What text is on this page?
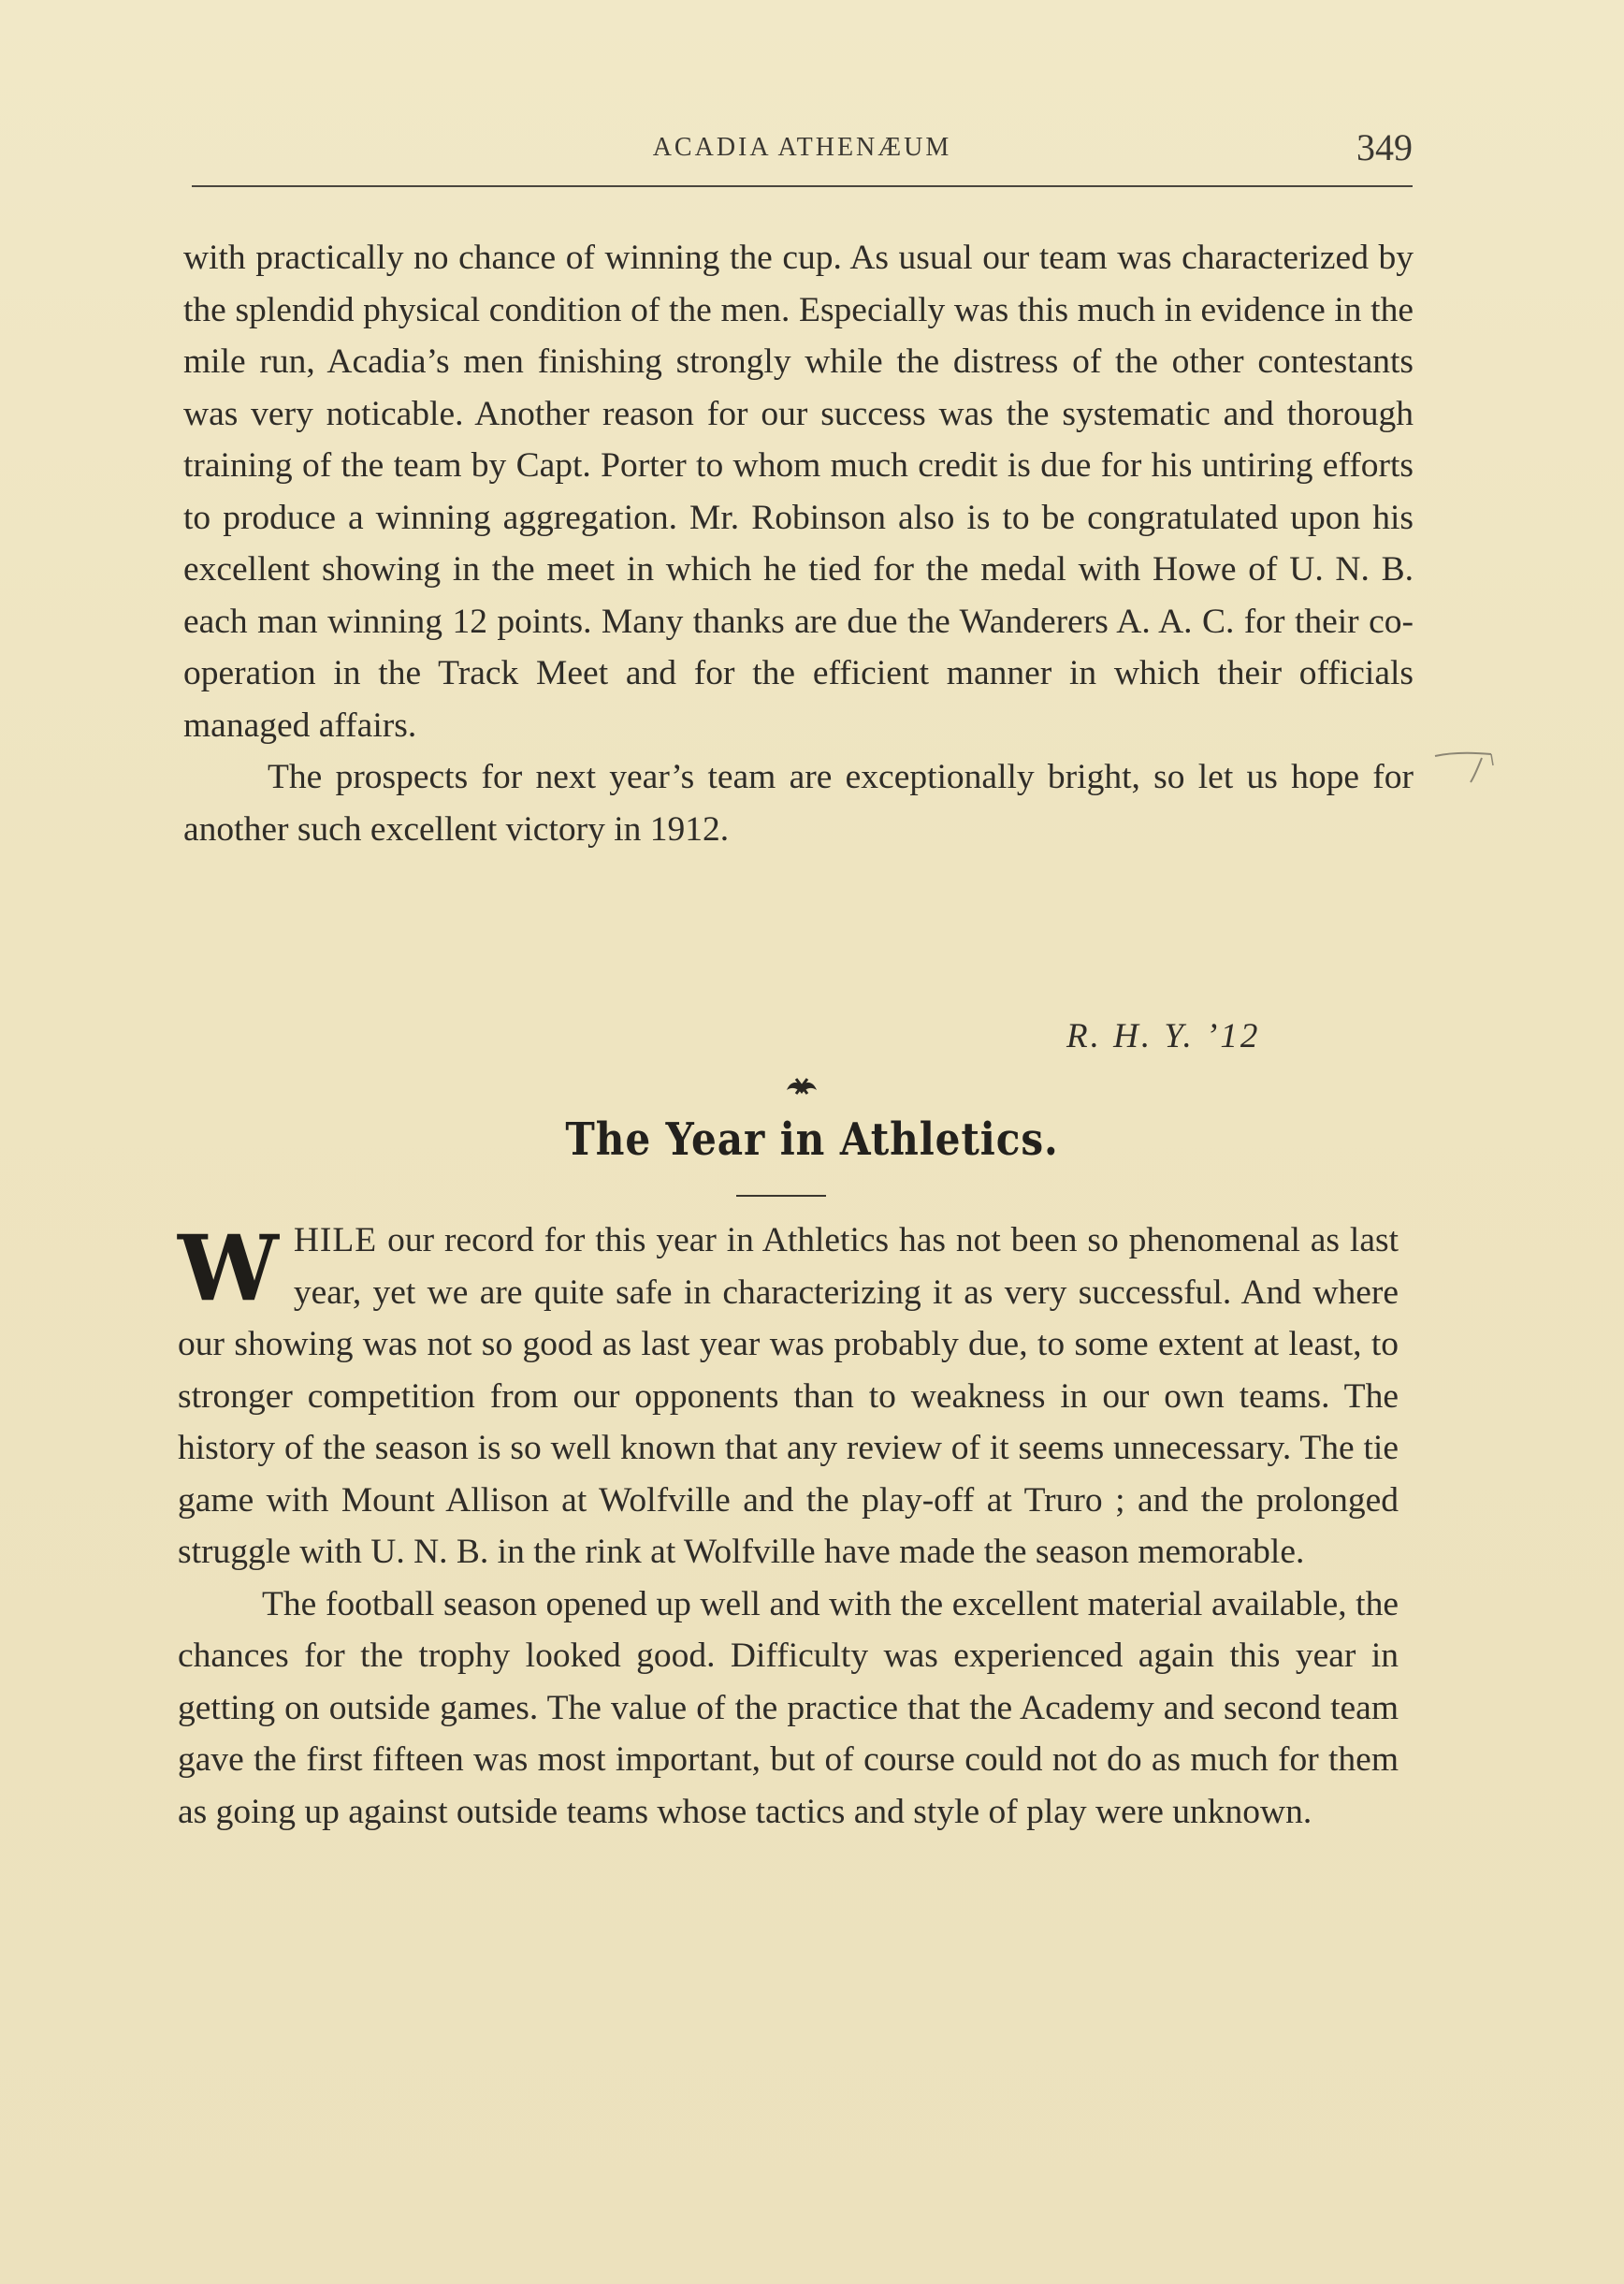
ACADIA ATHENÆUM	349

with practically no chance of winning the cup. As usual our team was characterized by the splendid physical condition of the men. Especially was this much in evidence in the mile run, Acadia’s men finishing strongly while the distress of the other contestants was very noticable. Another reason for our success was the systematic and thorough training of the team by Capt. Porter to whom much credit is due for his untiring efforts to produce a winning aggregation. Mr. Robinson also is to be congratulated upon his excellent showing in the meet in which he tied for the medal with Howe of U. N. B. each man winning 12 points. Many thanks are due the Wanderers A. A. C. for their co-operation in the Track Meet and for the efficient manner in which their officials managed affairs.

The prospects for next year’s team are exceptionally bright, so let us hope for another such excellent victory in 1912.

R. H. Y. ’12
The Year in Athletics.

WHILE our record for this year in Athletics has not been so phenomenal as last year, yet we are quite safe in characterizing it as very successful. And where our showing was not so good as last year was probably due, to some extent at least, to stronger competition from our opponents than to weakness in our own teams. The history of the season is so well known that any review of it seems unnecessary. The tie game with Mount Allison at Wolfville and the play-off at Truro ; and the prolonged struggle with U. N. B. in the rink at Wolfville have made the season memorable.

The football season opened up well and with the excellent material available, the chances for the trophy looked good. Difficulty was experienced again this year in getting on outside games. The value of the practice that the Academy and second team gave the first fifteen was most important, but of course could not do as much for them as going up against outside teams whose tactics and style of play were unknown.
